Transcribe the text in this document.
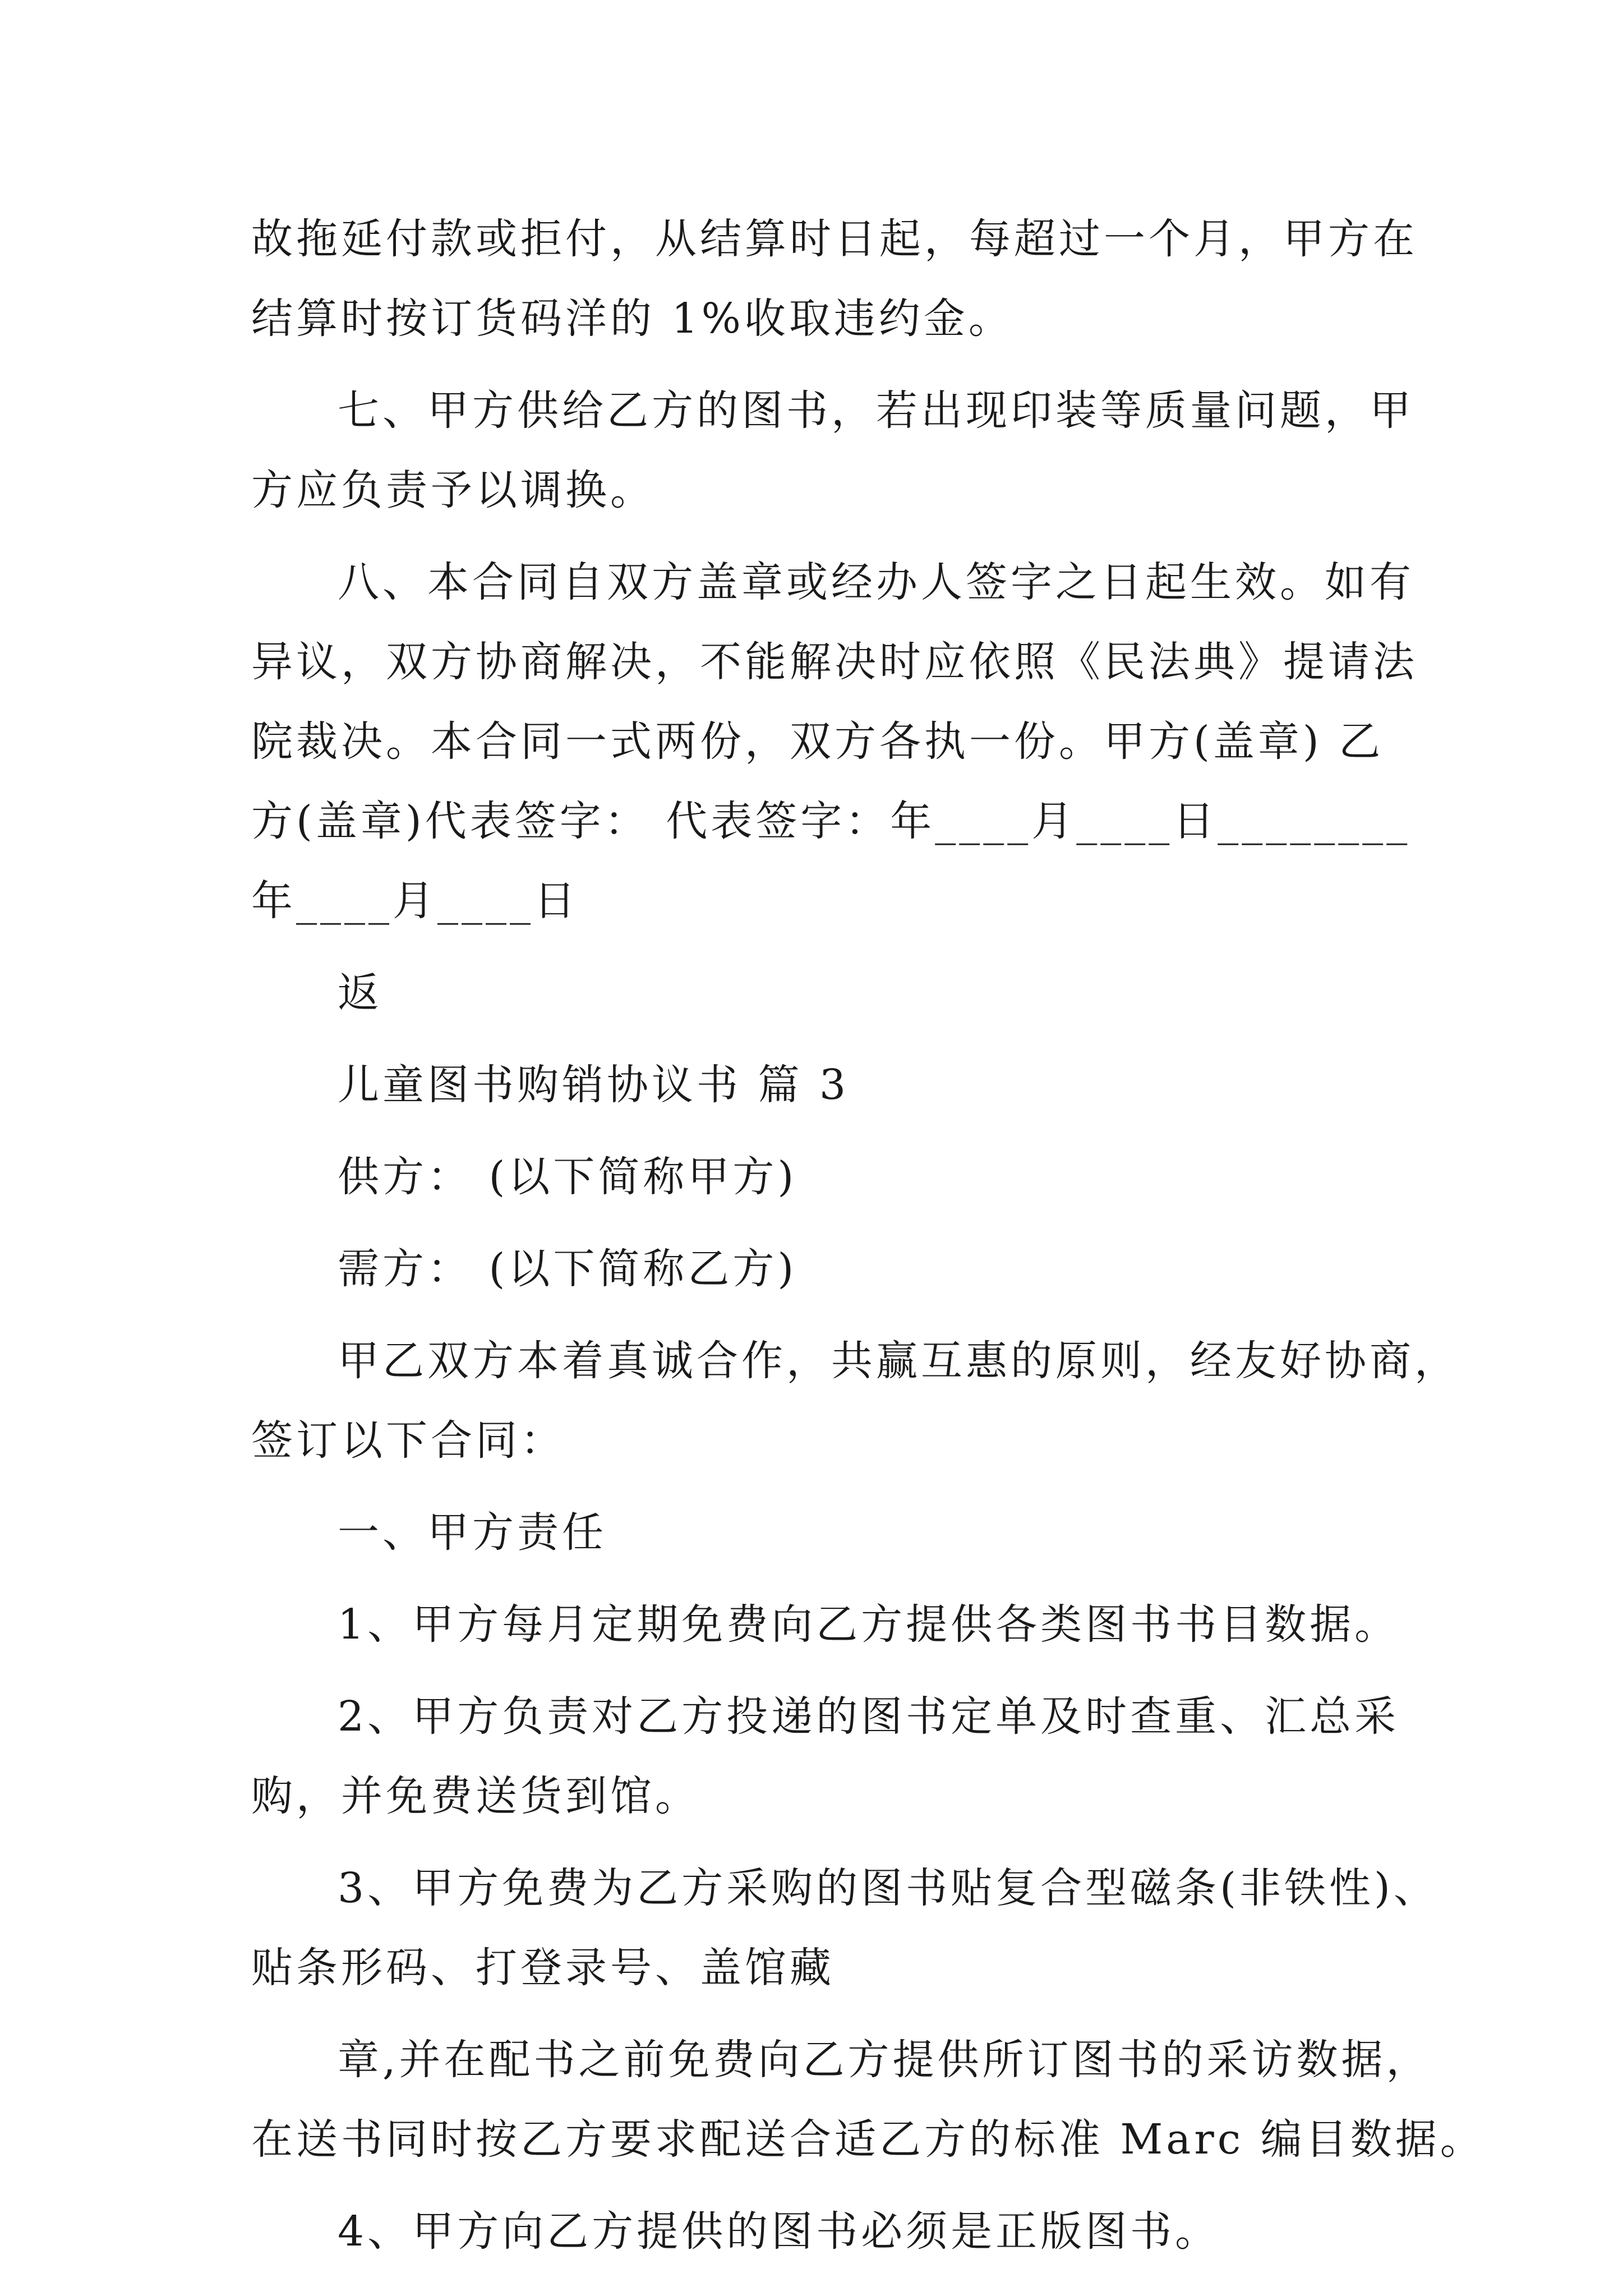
故拖延付款或拒付，从结算时日起，每超过一个月，甲方在
结算时按订货码洋的 1%收取违约金。
七、甲方供给乙方的图书，若出现印装等质量问题，甲
方应负责予以调换。
八、本合同自双方盖章或经办人签字之日起生效。如有
异议，双方协商解决，不能解决时应依照《民法典》提请法
院裁决。本合同一式两份，双方各执一份。甲方(盖章) 乙
方(盖章)代表签字： 代表签字：年____月____日________
年____月____日
返
儿童图书购销协议书 篇 3
供方： (以下简称甲方)
需方： (以下简称乙方)
甲乙双方本着真诚合作，共赢互惠的原则，经友好协商，
签订以下合同：
一、甲方责任
1、甲方每月定期免费向乙方提供各类图书书目数据。
2、甲方负责对乙方投递的图书定单及时查重、汇总采
购，并免费送货到馆。
3、甲方免费为乙方采购的图书贴复合型磁条(非铁性)、
贴条形码、打登录号、盖馆藏
章,并在配书之前免费向乙方提供所订图书的采访数据，
在送书同时按乙方要求配送合适乙方的标准 Marc 编目数据。
4、甲方向乙方提供的图书必须是正版图书。
